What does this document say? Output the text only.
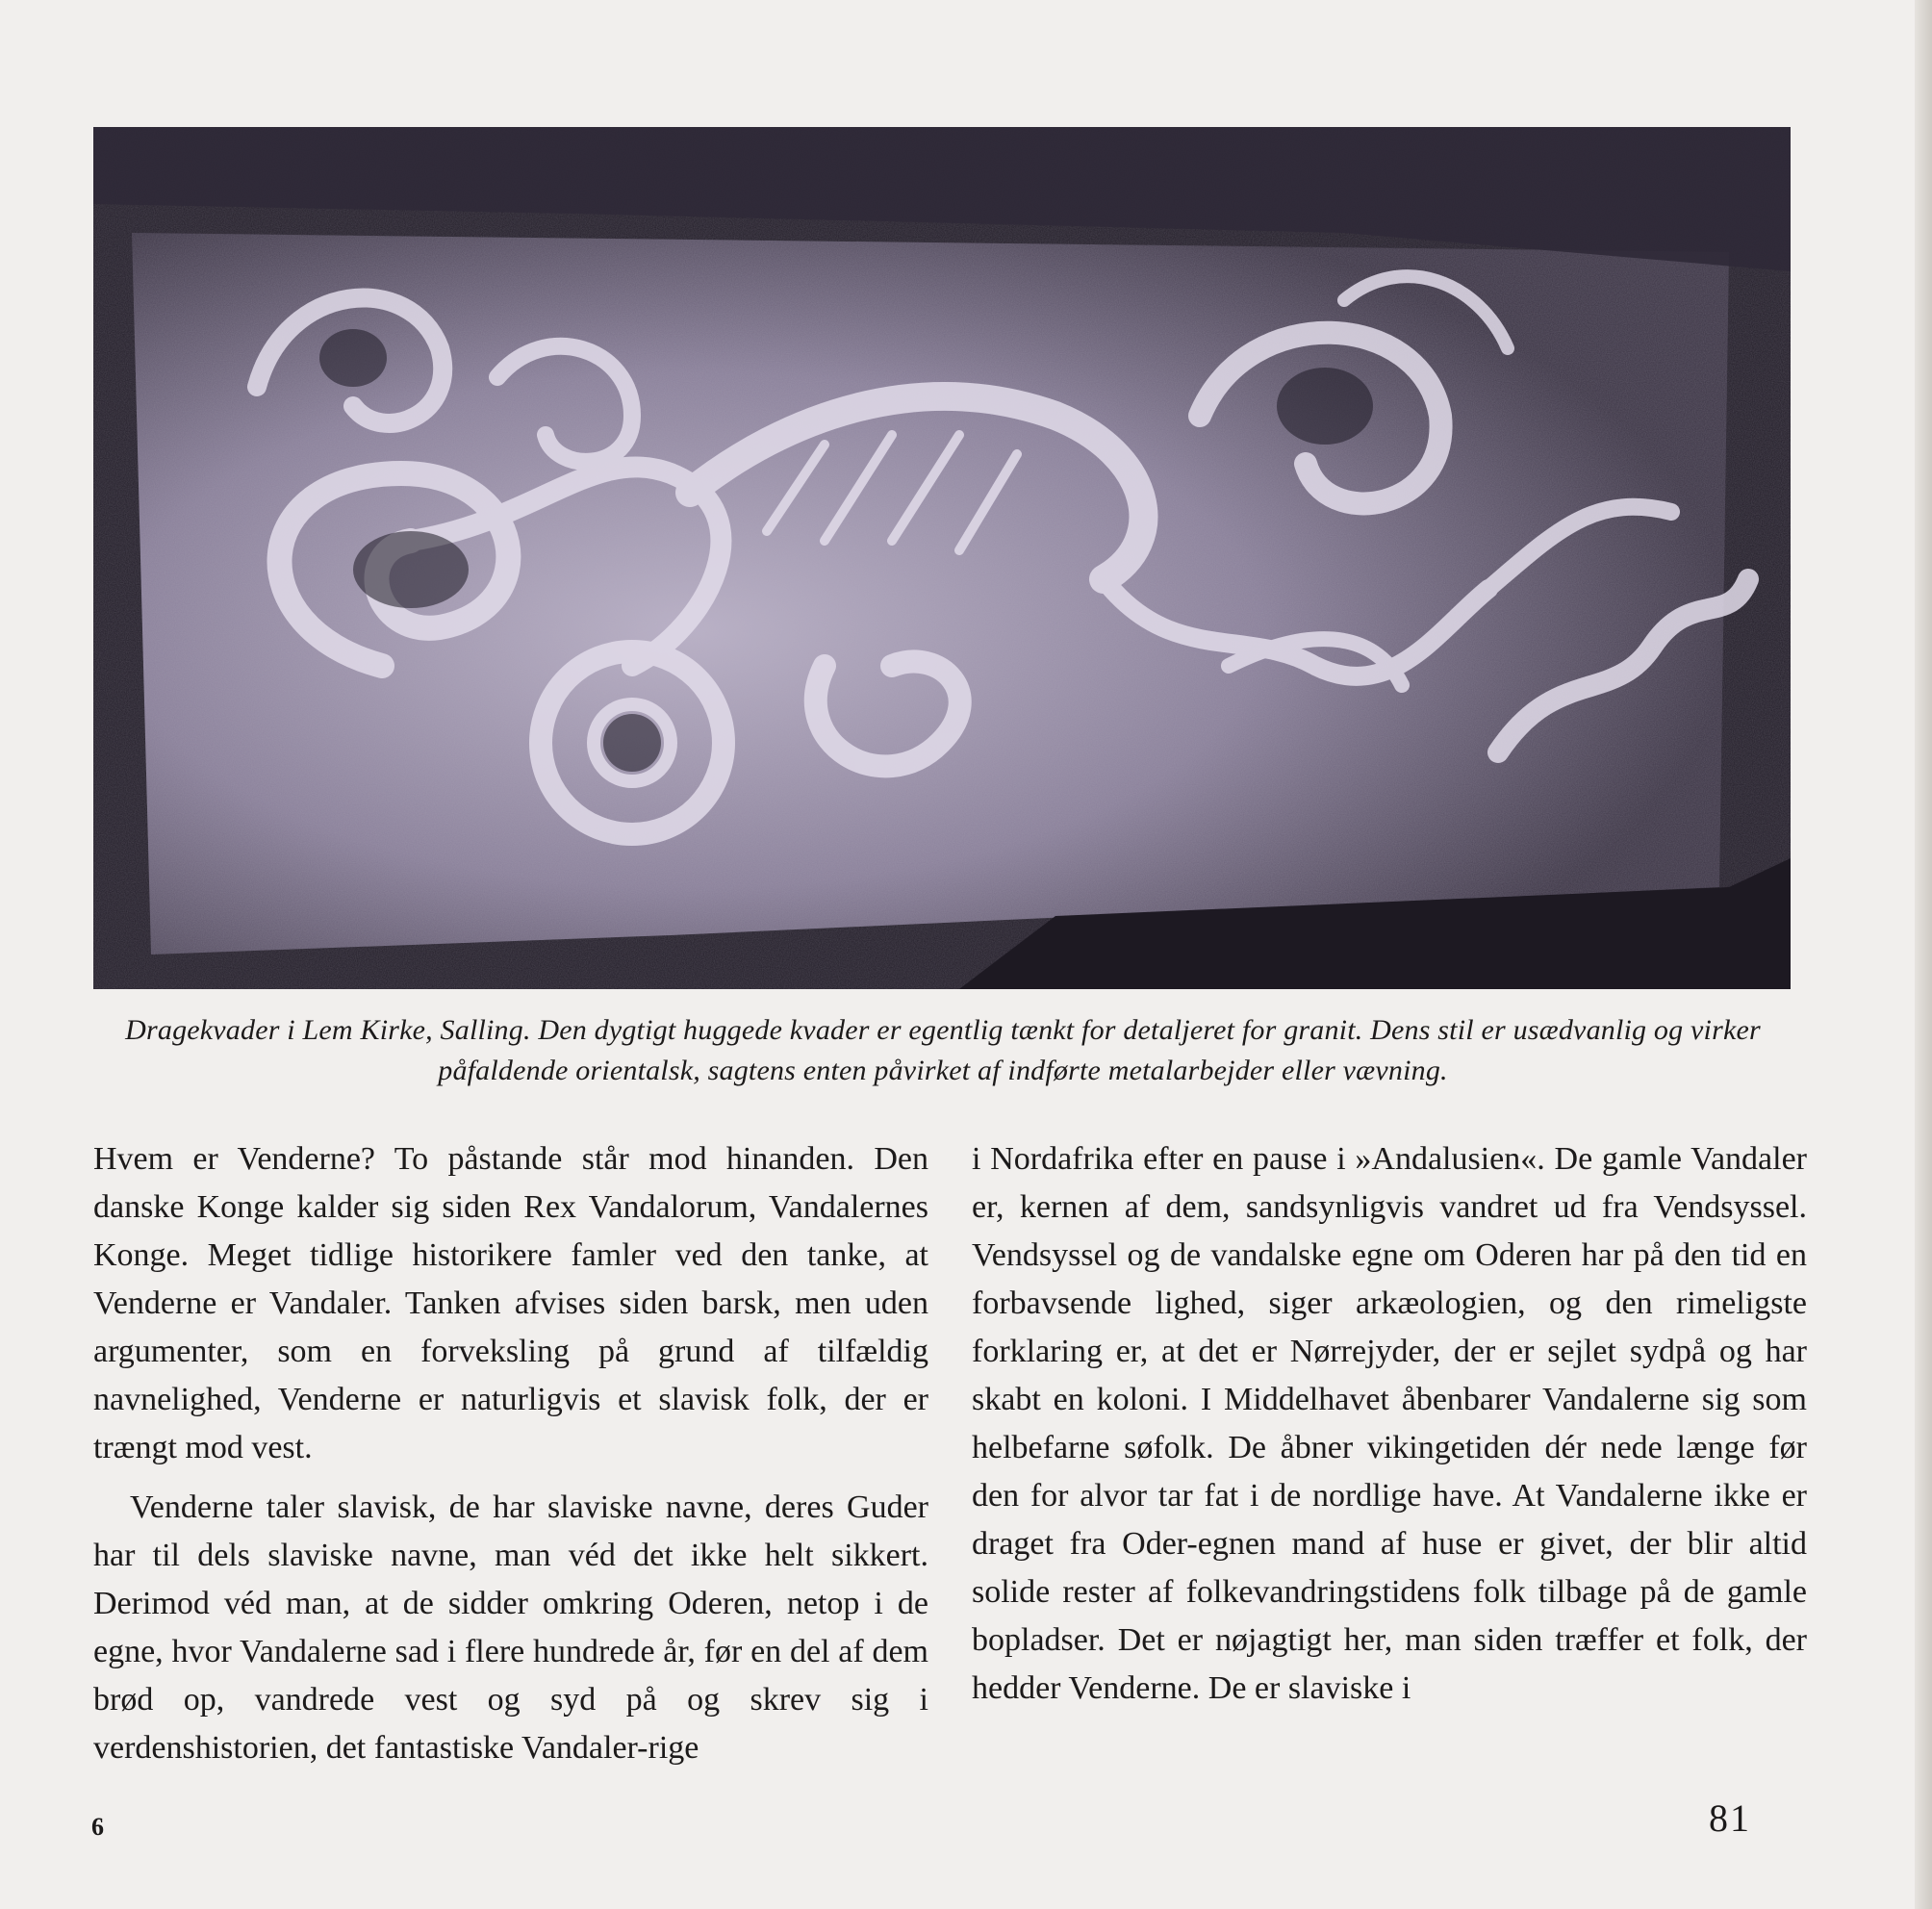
Dragekvader i Lem Kirke, Salling. Den dygtigt huggede kvader er egentlig tænkt for detaljeret for granit. Dens stil er usædvanlig og virker
påfaldende orientalsk, sagtens enten påvirket af indførte metalarbejder eller vævning.

Hvem er Venderne? To påstande står mod hinanden. Den danske Konge kalder sig siden Rex Vandalorum, Vandalernes Konge. Meget tidlige historikere famler ved den tanke, at Venderne er Vandaler. Tanken afvises siden barsk, men uden argumenter, som en forveksling på grund af tilfældig navnelighed, Venderne er naturligvis et slavisk folk, der er trængt mod vest.

Venderne taler slavisk, de har slaviske navne, deres Guder har til dels slaviske navne, man véd det ikke helt sikkert. Derimod véd man, at de sidder omkring Oderen, netop i de egne, hvor Vandalerne sad i flere hundrede år, før en del af dem brød op, vandrede vest og syd på og skrev sig i verdenshistorien, det fantastiske Vandaler-rige

i Nordafrika efter en pause i »Andalusien«. De gamle Vandaler er, kernen af dem, sandsynligvis vandret ud fra Vendsyssel. Vendsyssel og de vandalske egne om Oderen har på den tid en forbavsende lighed, siger arkæologien, og den rimeligste forklaring er, at det er Nørrejyder, der er sejlet sydpå og har skabt en koloni. I Middelhavet åbenbarer Vandalerne sig som helbefarne søfolk. De åbner vikingetiden dér nede længe før den for alvor tar fat i de nordlige have. At Vandalerne ikke er draget fra Oder-egnen mand af huse er givet, der blir altid solide rester af folkevandringstidens folk tilbage på de gamle bopladser. Det er nøjagtigt her, man siden træffer et folk, der hedder Venderne. De er slaviske i

6	81
